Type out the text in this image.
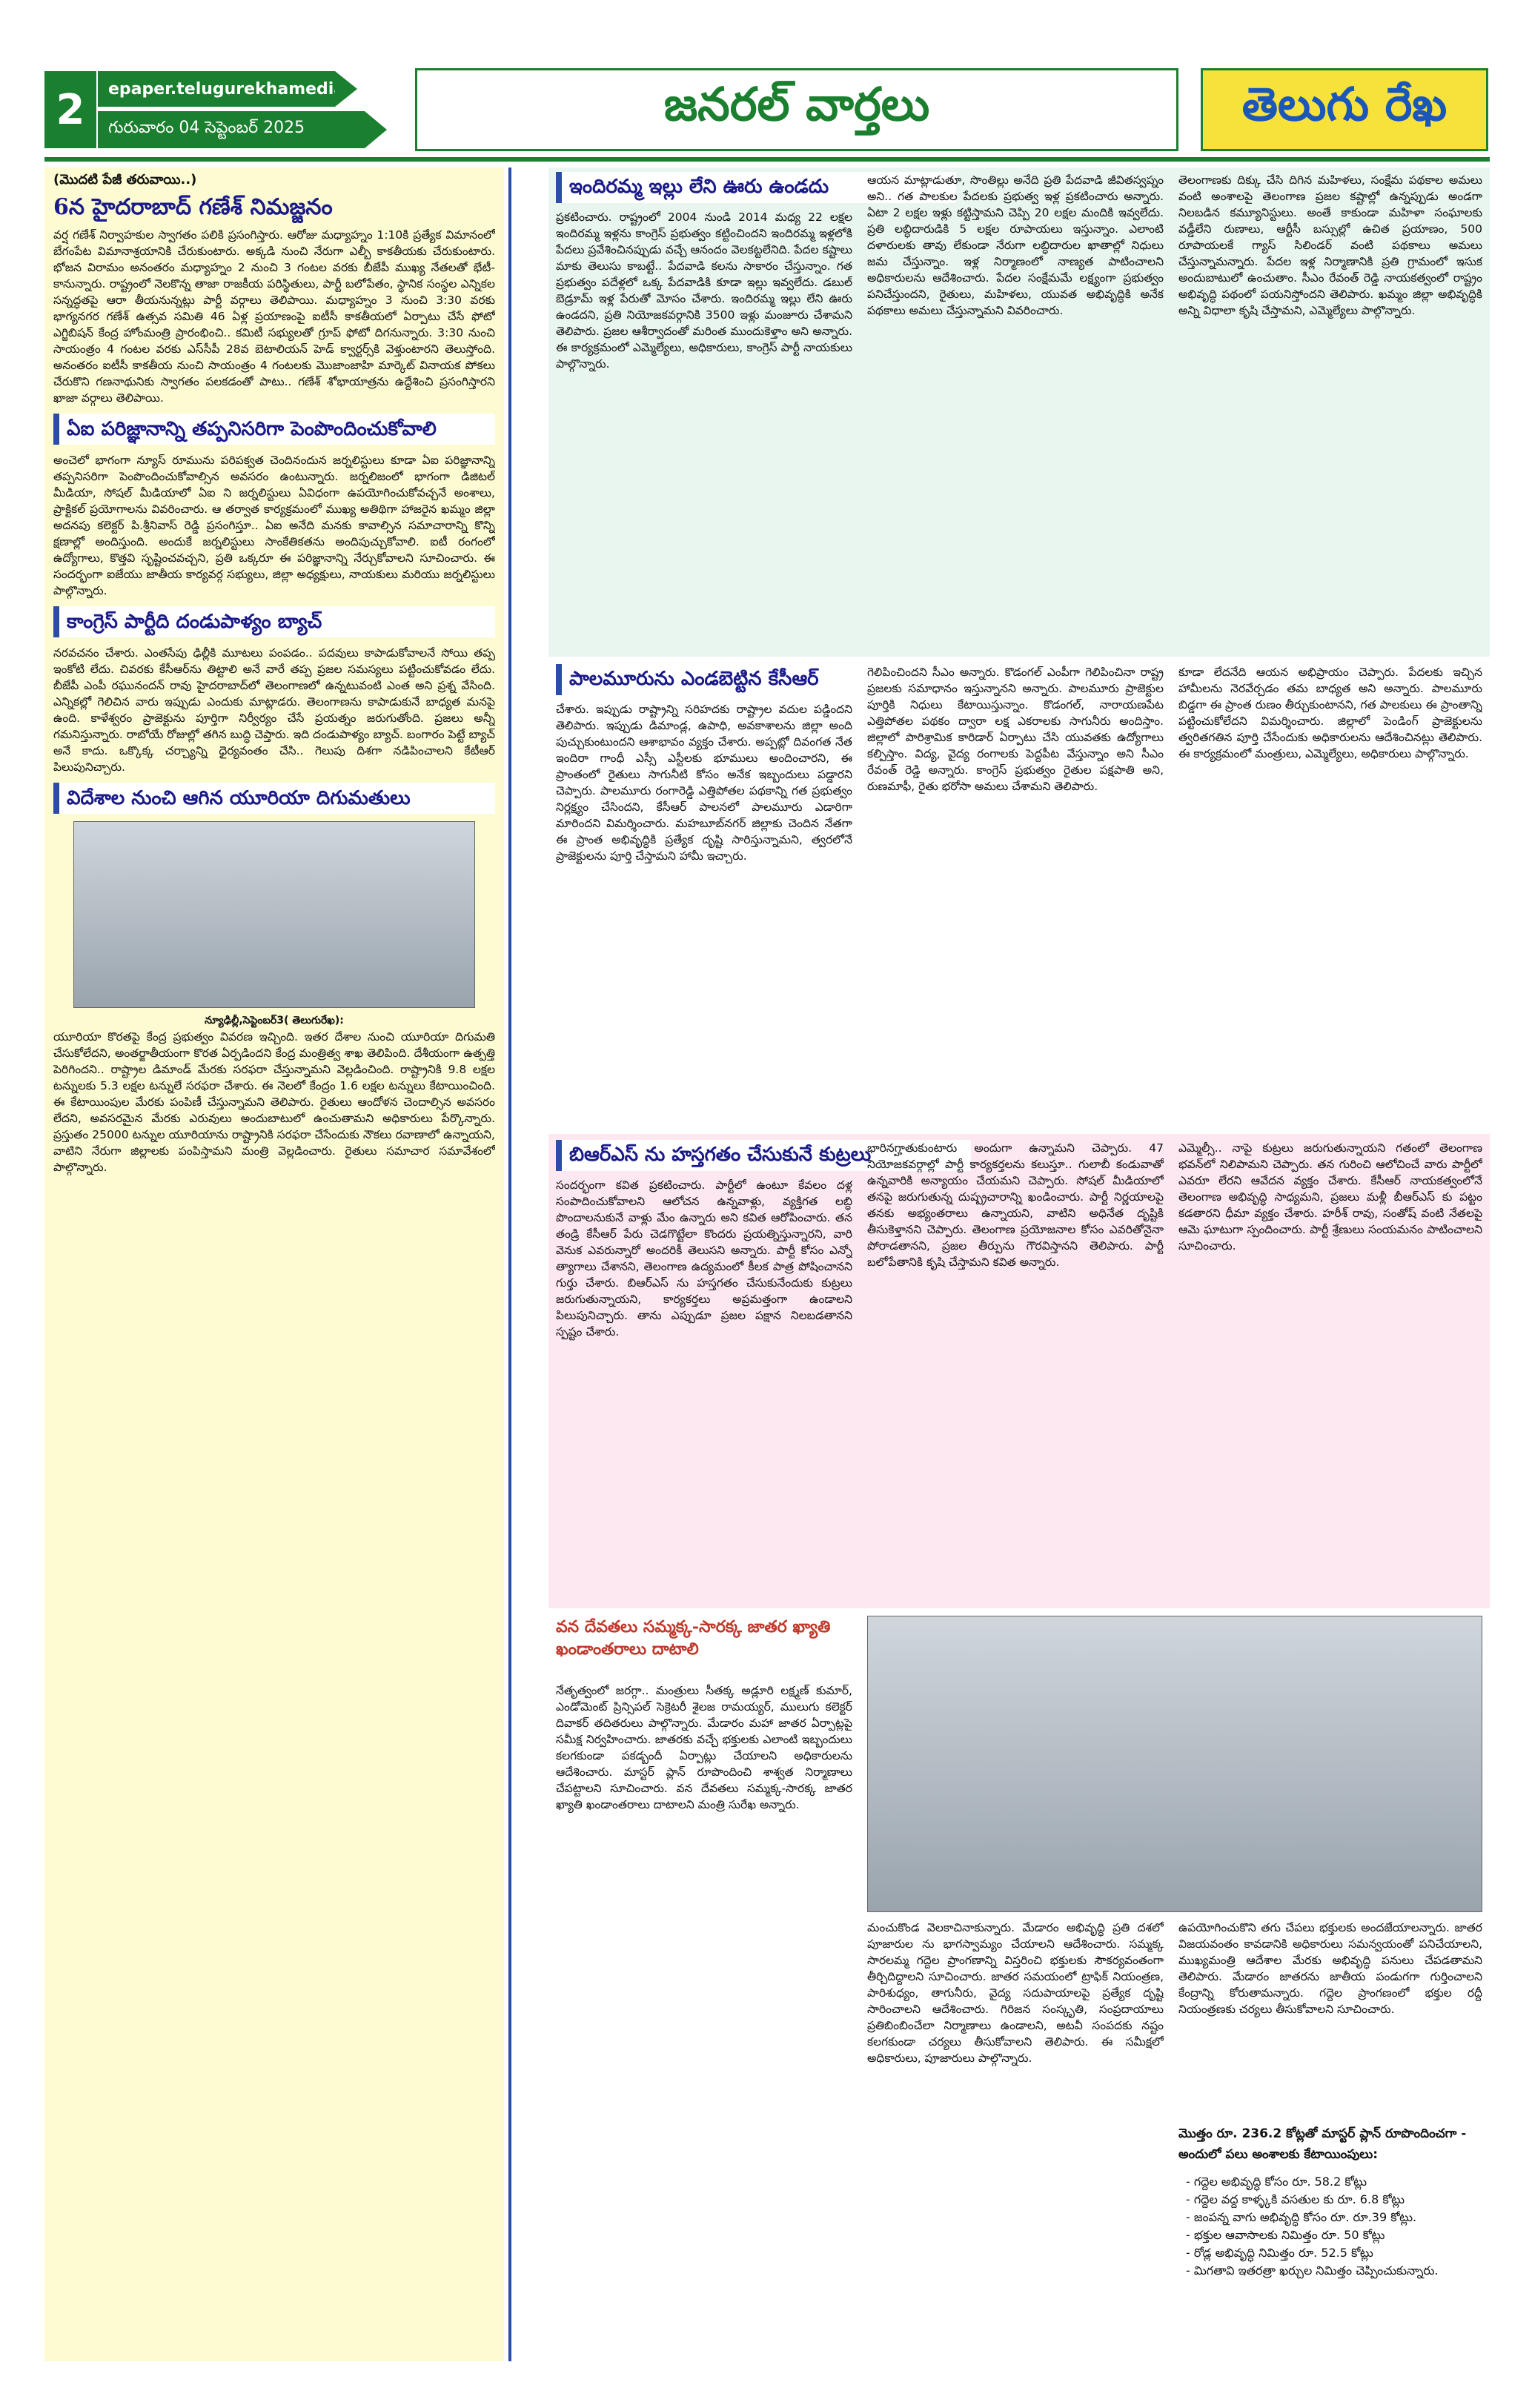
2	epaper.telugurekhamedia.com
గురువారం 04 సెప్టెంబర్ 2025	జనరల్ వార్తలు	తెలుగు రేఖ
(మొదటి పేజీ తరువాయి..)
6న హైదరాబాద్ గణేశ్ నిమజ్జనం

వర్ష గణేశ్ నిర్వాహకుల స్వాగతం పలికి ప్రసంగిస్తారు. ఆరోజు మధ్యాహ్నం 1:10కి ప్రత్యేక విమానంలో బేగంపేట విమానాశ్రయానికి చేరుకుంటారు. అక్కడి నుంచి నేరుగా ఎల్బీ కాకతీయకు చేరుకుంటారు. భోజన విరామం అనంతరం మధ్యాహ్నం 2 నుంచి 3 గంటల వరకు బీజేపీ ముఖ్య నేతలతో భేటీ-కానున్నారు. రాష్ట్రంలో నెలకొన్న తాజా రాజకీయ పరిస్థితులు, పార్టీ బలోపేతం, స్థానిక సంస్థల ఎన్నికల సన్నద్ధతపై ఆరా తీయనున్నట్లు పార్టీ వర్గాలు తెలిపాయి. మధ్యాహ్నం 3 నుంచి 3:30 వరకు భాగ్యనగర గణేశ్ ఉత్సవ సమితి 46 ఏళ్ల ప్రయాణంపై ఐటీసీ కాకతీయలో ఏర్పాటు చేసే ఫోటో ఎగ్జిబిషన్ కేంద్ర హోంమంత్రి ప్రారంభించి.. కమిటీ సభ్యులతో గ్రూప్ ఫోటో దిగనున్నారు. 3:30 నుంచి సాయంత్రం 4 గంటల వరకు ఎస్‌సీపీ 28వ బెటాలియన్ హెడ్ క్వార్టర్స్‌కి వెళ్తుంటారని తెలుస్తోంది. అనంతరం ఐటీసీ కాకతీయ నుంచి సాయంత్రం 4 గంటలకు మొజాంజాహి మార్కెట్ వినాయక పోకలు చేరుకొని గణనాథునికు స్వాగతం పలకడంతో పాటు.. గణేశ్ శోభాయాత్రను ఉద్దేశించి ప్రసంగిస్తారని ఖాజా వర్గాలు తెలిపాయి.

ఏఐ పరిజ్ఞానాన్ని తప్పనిసరిగా పెంపొందించుకోవాలి

అంచెలో భాగంగా న్యూస్ రూమును పరిపక్వత చెందినందున జర్నలిస్టులు కూడా ఏఐ పరిజ్ఞానాన్ని తప్పనిసరిగా పెంపొందించుకోవాల్సిన అవసరం ఉంటున్నారు. జర్నలిజంలో భాగంగా డిజిటల్ మీడియా, సోషల్ మీడియాలో ఏఐ ని జర్నలిస్టులు ఏవిధంగా ఉపయోగించుకోవచ్చనే అంశాలు, ప్రాక్టికల్ ప్రయోగాలను వివరించారు. ఆ తర్వాత కార్యక్రమంలో ముఖ్య అతిథిగా హాజరైన ఖమ్మం జిల్లా అదనపు కలెక్టర్ పి.శ్రీనివాస్ రెడ్డి ప్రసంగిస్తూ.. ఏఐ అనేది మనకు కావాల్సిన సమాచారాన్ని కొన్ని క్షణాల్లో అందిస్తుంది. అందుకే జర్నలిస్టులు సాంకేతికతను అందిపుచ్చుకోవాలి. ఐటీ రంగంలో ఉద్యోగాలు, కొత్తవి సృష్టించవచ్చని, ప్రతి ఒక్కరూ ఈ పరిజ్ఞానాన్ని నేర్చుకోవాలని సూచించారు. ఈ సందర్భంగా ఐజేయు జాతీయ కార్యవర్గ సభ్యులు, జిల్లా అధ్యక్షులు, నాయకులు మరియు జర్నలిస్టులు పాల్గొన్నారు.

కాంగ్రెస్ పార్టీది దండుపాళ్యం బ్యాచ్

నరవచనం చేశారు. ఎంతసేపు ఢిల్లీకి మూటలు పంపడం.. పదవులు కాపాడుకోవాలనే సోయి తప్ప ఇంకోటి లేదు. చివరకు కేసీఆర్‌ను తిట్టాలి అనే వారే తప్ప ప్రజల సమస్యలు పట్టించుకోవడం లేదు. బీజేపీ ఎంపీ రఘునందన్ రావు హైదరాబాద్‌లో తెలంగాణలో ఉన్నటువంటి ఎంత అని ప్రశ్న వేసింది. ఎన్నికల్లో గెలిచిన వారు ఇప్పుడు ఎందుకు మాట్లాడరు. తెలంగాణను కాపాడుకునే బాధ్యత మనపై ఉంది. కాళేశ్వరం ప్రాజెక్టును పూర్తిగా నిర్వీర్యం చేసే ప్రయత్నం జరుగుతోంది. ప్రజలు అన్నీ గమనిస్తున్నారు. రాబోయే రోజుల్లో తగిన బుద్ధి చెప్తారు. ఇది దండుపాళ్యం బ్యాచ్. బంగారం పెట్టే బ్యాచ్ అనే కాదు. ఒక్కొక్క చర్చ్యాన్ని ధైర్యవంతం చేసి.. గెలుపు దిశగా నడిపించాలని కేటీఆర్ పిలుపునిచ్చారు.

విదేశాల నుంచి ఆగిన యూరియా దిగుమతులు
న్యూఢిల్లీ,సెప్టెంబర్3( తెలుగురేఖ):

యూరియా కొరతపై కేంద్ర ప్రభుత్వం వివరణ ఇచ్చింది. ఇతర దేశాల నుంచి యూరియా దిగుమతి చేసుకోలేదని, అంతర్జాతీయంగా కొరత ఏర్పడిందని కేంద్ర మంత్రిత్వ శాఖ తెలిపింది. దేశీయంగా ఉత్పత్తి పెరిగిందని.. రాష్ట్రాల డిమాండ్ మేరకు సరఫరా చేస్తున్నామని వెల్లడించింది. రాష్ట్రానికి 9.8 లక్షల టన్నులకు 5.3 లక్షల టన్నులే సరఫరా చేశారు. ఈ నెలలో కేంద్రం 1.6 లక్షల టన్నులు కేటాయించింది. ఈ కేటాయింపుల మేరకు పంపిణీ చేస్తున్నామని తెలిపారు. రైతులు ఆందోళన చెందాల్సిన అవసరం లేదని, అవసరమైన మేరకు ఎరువులు అందుబాటులో ఉంచుతామని అధికారులు పేర్కొన్నారు. ప్రస్తుతం 25000 టన్నుల యూరియాను రాష్ట్రానికి సరఫరా చేసేందుకు నౌకలు రవాణాలో ఉన్నాయని, వాటిని నేరుగా జిల్లాలకు పంపిస్తామని మంత్రి వెల్లడించారు. రైతులు సమాచార సమావేశంలో పాల్గొన్నారు.

ఇందిరమ్మ ఇల్లు లేని ఊరు ఉండదు
ప్రకటించారు. రాష్ట్రంలో 2004 నుండి 2014 మధ్య 22 లక్షల ఇందిరమ్మ ఇళ్లను కాంగ్రెస్ ప్రభుత్వం కట్టించిందని ఇందిరమ్మ ఇళ్లలోకి పేదలు ప్రవేశించినప్పుడు వచ్చే ఆనందం వెలకట్టలేనిది. పేదల కష్టాలు మాకు తెలుసు కాబట్టే.. పేదవాడి కలను సాకారం చేస్తున్నాం. గత ప్రభుత్వం పదేళ్లలో ఒక్క పేదవాడికి కూడా ఇల్లు ఇవ్వలేదు. డబుల్ బెడ్రూమ్ ఇళ్ల పేరుతో మోసం చేశారు. ఇందిరమ్మ ఇల్లు లేని ఊరు ఉండదని, ప్రతి నియోజకవర్గానికి 3500 ఇళ్లు మంజూరు చేశామని తెలిపారు. ప్రజల ఆశీర్వాదంతో మరింత ముందుకెళ్తాం అని అన్నారు. ఈ కార్యక్రమంలో ఎమ్మెల్యేలు, అధికారులు, కాంగ్రెస్ పార్టీ నాయకులు పాల్గొన్నారు.
ఆయన మాట్లాడుతూ, సొంతిల్లు అనేది ప్రతి పేదవాడి జీవితస్వప్నం అని.. గత పాలకుల పేదలకు ప్రభుత్వ ఇళ్ల ప్రకటించారు అన్నారు. ఏటా 2 లక్షల ఇళ్లు కట్టిస్తామని చెప్పి 20 లక్షల మందికి ఇవ్వలేదు. ప్రతి లబ్ధిదారుడికి 5 లక్షల రూపాయలు ఇస్తున్నాం. ఎలాంటి దళారులకు తావు లేకుండా నేరుగా లబ్ధిదారుల ఖాతాల్లో నిధులు జమ చేస్తున్నాం. ఇళ్ల నిర్మాణంలో నాణ్యత పాటించాలని అధికారులను ఆదేశించారు. పేదల సంక్షేమమే లక్ష్యంగా ప్రభుత్వం పనిచేస్తుందని, రైతులు, మహిళలు, యువత అభివృద్ధికి అనేక పథకాలు అమలు చేస్తున్నామని వివరించారు.
తెలంగాణకు దిక్కు చేసి దిగిన మహిళలు, సంక్షేమ పథకాల అమలు వంటి అంశాలపై తెలంగాణ ప్రజల కష్టాల్లో ఉన్నప్పుడు అండగా నిలబడిన కమ్యూనిస్టులు. అంతే కాకుండా మహిళా సంఘాలకు వడ్డీలేని రుణాలు, ఆర్టీసీ బస్సుల్లో ఉచిత ప్రయాణం, 500 రూపాయలకే గ్యాస్ సిలిండర్ వంటి పథకాలు అమలు చేస్తున్నామన్నారు. పేదల ఇళ్ల నిర్మాణానికి ప్రతి గ్రామంలో ఇసుక అందుబాటులో ఉంచుతాం. సీఎం రేవంత్ రెడ్డి నాయకత్వంలో రాష్ట్రం అభివృద్ధి పథంలో పయనిస్తోందని తెలిపారు. ఖమ్మం జిల్లా అభివృద్ధికి అన్ని విధాలా కృషి చేస్తామని, ఎమ్మెల్యేలు పాల్గొన్నారు.
పాలమూరును ఎండబెట్టిన కేసీఆర్
చేశారు. ఇప్పుడు రాష్ట్రాన్ని సరిహదకు రాష్ట్రాల వదుల పడ్డిందని తెలిపారు. ఇప్పుడు డిమాండ్ల, ఉపాధి, అవకాశాలను జిల్లా అంది పుచ్చుకుంటుందని ఆశాభావం వ్యక్తం చేశారు. అప్పట్లో దివంగత నేత ఇందిరా గాంధీ ఎస్సీ ఎస్టీలకు భూములు అందించారని, ఈ ప్రాంతంలో రైతులు సాగునీటి కోసం అనేక ఇబ్బందులు పడ్డారని చెప్పారు. పాలమూరు రంగారెడ్డి ఎత్తిపోతల పథకాన్ని గత ప్రభుత్వం నిర్లక్ష్యం చేసిందని, కేసీఆర్ పాలనలో పాలమూరు ఎడారిగా మారిందని విమర్శించారు. మహబూబ్‌నగర్ జిల్లాకు చెందిన నేతగా ఈ ప్రాంత అభివృద్ధికి ప్రత్యేక దృష్టి సారిస్తున్నామని, త్వరలోనే ప్రాజెక్టులను పూర్తి చేస్తామని హామీ ఇచ్చారు.
గెలిపించిందని సీఎం అన్నారు. కొడంగల్ ఎంపీగా గెలిపించినా రాష్ట్ర ప్రజలకు సమాధానం ఇస్తున్నానని అన్నారు. పాలమూరు ప్రాజెక్టుల పూర్తికి నిధులు కేటాయిస్తున్నాం. కొడంగల్, నారాయణపేట ఎత్తిపోతల పథకం ద్వారా లక్ష ఎకరాలకు సాగునీరు అందిస్తాం. జిల్లాలో పారిశ్రామిక కారిడార్ ఏర్పాటు చేసి యువతకు ఉద్యోగాలు కల్పిస్తాం. విద్య, వైద్య రంగాలకు పెద్దపీట వేస్తున్నాం అని సీఎం రేవంత్ రెడ్డి అన్నారు. కాంగ్రెస్ ప్రభుత్వం రైతుల పక్షపాతి అని, రుణమాఫీ, రైతు భరోసా అమలు చేశామని తెలిపారు.
కూడా లేదనేది ఆయన అభిప్రాయం చెప్పారు. పేదలకు ఇచ్చిన హామీలను నెరవేర్చడం తమ బాధ్యత అని అన్నారు. పాలమూరు బిడ్డగా ఈ ప్రాంత రుణం తీర్చుకుంటానని, గత పాలకులు ఈ ప్రాంతాన్ని పట్టించుకోలేదని విమర్శించారు. జిల్లాలో పెండింగ్ ప్రాజెక్టులను త్వరితగతిన పూర్తి చేసేందుకు అధికారులను ఆదేశించినట్లు తెలిపారు. ఈ కార్యక్రమంలో మంత్రులు, ఎమ్మెల్యేలు, అధికారులు పాల్గొన్నారు.
బిఆర్ఎస్ ను హస్తగతం చేసుకునే కుట్రలు
సందర్భంగా కవిత ప్రకటించారు. పార్టీలో ఉంటూ కేవలం దళ్ల సంపాదించుకోవాలని ఆలోచన ఉన్నవాళ్లు, వ్యక్తిగత లబ్ధి పొందాలనుకునే వాళ్లు మేం ఉన్నారు అని కవిత ఆరోపించారు. తన తండ్రి కేసీఆర్ పేరు చెడగొట్టేలా కొందరు ప్రయత్నిస్తున్నారని, వారి వెనుక ఎవరున్నారో అందరికీ తెలుసని అన్నారు. పార్టీ కోసం ఎన్నో త్యాగాలు చేశానని, తెలంగాణ ఉద్యమంలో కీలక పాత్ర పోషించానని గుర్తు చేశారు. బిఆర్ఎస్ ను హస్తగతం చేసుకునేందుకు కుట్రలు జరుగుతున్నాయని, కార్యకర్తలు అప్రమత్తంగా ఉండాలని పిలుపునిచ్చారు. తాను ఎప్పుడూ ప్రజల పక్షాన నిలబడతానని స్పష్టం చేశారు.
భారినగ్హాతుకుంటారు అందుగా ఉన్నామని చెప్పారు. 47 నియోజకవర్గాల్లో పార్టీ కార్యకర్తలను కలుస్తూ.. గులాబీ కండువాతో ఉన్నవారికి అన్యాయం చేయమని చెప్పారు. సోషల్ మీడియాలో తనపై జరుగుతున్న దుష్ప్రచారాన్ని ఖండించారు. పార్టీ నిర్ణయాలపై తనకు అభ్యంతరాలు ఉన్నాయని, వాటిని అధినేత దృష్టికి తీసుకెళ్తానని చెప్పారు. తెలంగాణ ప్రయోజనాల కోసం ఎవరితోనైనా పోరాడతానని, ప్రజల తీర్పును గౌరవిస్తానని తెలిపారు. పార్టీ బలోపేతానికి కృషి చేస్తామని కవిత అన్నారు.
ఎమ్మెల్సీ.. నాపై కుట్రలు జరుగుతున్నాయని గతంలో తెలంగాణ భవన్‌లో నిలిపామని చెప్పారు. తన గురించి ఆలోచించే వారు పార్టీలో ఎవరూ లేరని ఆవేదన వ్యక్తం చేశారు. కేసీఆర్ నాయకత్వంలోనే తెలంగాణ అభివృద్ధి సాధ్యమని, ప్రజలు మళ్లీ బీఆర్ఎస్ కు పట్టం కడతారని ధీమా వ్యక్తం చేశారు. హరీశ్ రావు, సంతోష్ వంటి నేతలపై ఆమె ఘాటుగా స్పందించారు. పార్టీ శ్రేణులు సంయమనం పాటించాలని సూచించారు.
వన దేవతలు సమ్మక్క-సారక్క జాతర ఖ్యాతి ఖండాంతరాలు దాటాలి
నేతృత్వంలో జరగ్గా.. మంత్రులు సీతక్క అడ్లూరి లక్ష్మణ్ కుమార్, ఎండోమెంట్ ప్రిన్సిపల్ సెక్రెటరీ శైలజ రామయ్యర్, ములుగు కలెక్టర్ దివాకర్ తదితరులు పాల్గొన్నారు. మేడారం మహా జాతర ఏర్పాట్లపై సమీక్ష నిర్వహించారు. జాతరకు వచ్చే భక్తులకు ఎలాంటి ఇబ్బందులు కలగకుండా పకడ్బందీ ఏర్పాట్లు చేయాలని అధికారులను ఆదేశించారు. మాస్టర్ ప్లాన్ రూపొందించి శాశ్వత నిర్మాణాలు చేపట్టాలని సూచించారు. వన దేవతలు సమ్మక్క-సారక్క జాతర ఖ్యాతి ఖండాంతరాలు దాటాలని మంత్రి సురేఖ అన్నారు.
మంచుకొండ వెలకాచినాకున్నారు. మేడారం అభివృద్ధి ప్రతి దశలో పూజారుల ను భాగస్వామ్యం చేయాలని ఆదేశించారు. సమ్మక్క సారలమ్మ గద్దెల ప్రాంగణాన్ని విస్తరించి భక్తులకు సౌకర్యవంతంగా తీర్చిదిద్దాలని సూచించారు. జాతర సమయంలో ట్రాఫిక్ నియంత్రణ, పారిశుధ్యం, తాగునీరు, వైద్య సదుపాయాలపై ప్రత్యేక దృష్టి సారించాలని ఆదేశించారు. గిరిజన సంస్కృతి, సంప్రదాయాలు ప్రతిబింబించేలా నిర్మాణాలు ఉండాలని, అటవీ సంపదకు నష్టం కలగకుండా చర్యలు తీసుకోవాలని తెలిపారు. ఈ సమీక్షలో అధికారులు, పూజారులు పాల్గొన్నారు.
ఉపయోగించుకొని తగు చేపలు భక్తులకు అందజేయాలన్నారు. జాతర విజయవంతం కావడానికి అధికారులు సమన్వయంతో పనిచేయాలని, ముఖ్యమంత్రి ఆదేశాల మేరకు అభివృద్ధి పనులు చేపడతామని తెలిపారు. మేడారం జాతరను జాతీయ పండుగగా గుర్తించాలని కేంద్రాన్ని కోరుతామన్నారు. గద్దెల ప్రాంగణంలో భక్తుల రద్దీ నియంత్రణకు చర్యలు తీసుకోవాలని సూచించారు.
మొత్తం రూ. 236.2 కోట్లతో మాస్టర్ ప్లాన్ రూపొందించగా - అందులో పలు అంశాలకు కేటాయింపులు:
- గద్దెల అభివృద్ధి కోసం రూ. 58.2 కోట్లు
- గద్దెల వద్ద కాళ్ళ్కకి వసతుల కు రూ. 6.8 కోట్లు
- జంపన్న వాగు అభివృద్ధి కోసం రూ. రూ.39 కోట్లు.
- భక్తుల ఆవాసాలకు నిమిత్తం రూ. 50 కోట్లు
- రోడ్ల అభివృద్ధి నిమిత్తం రూ. 52.5 కోట్లు
- మిగతావి ఇతరత్రా ఖర్చుల నిమిత్తం చెప్పించుకున్నారు.
